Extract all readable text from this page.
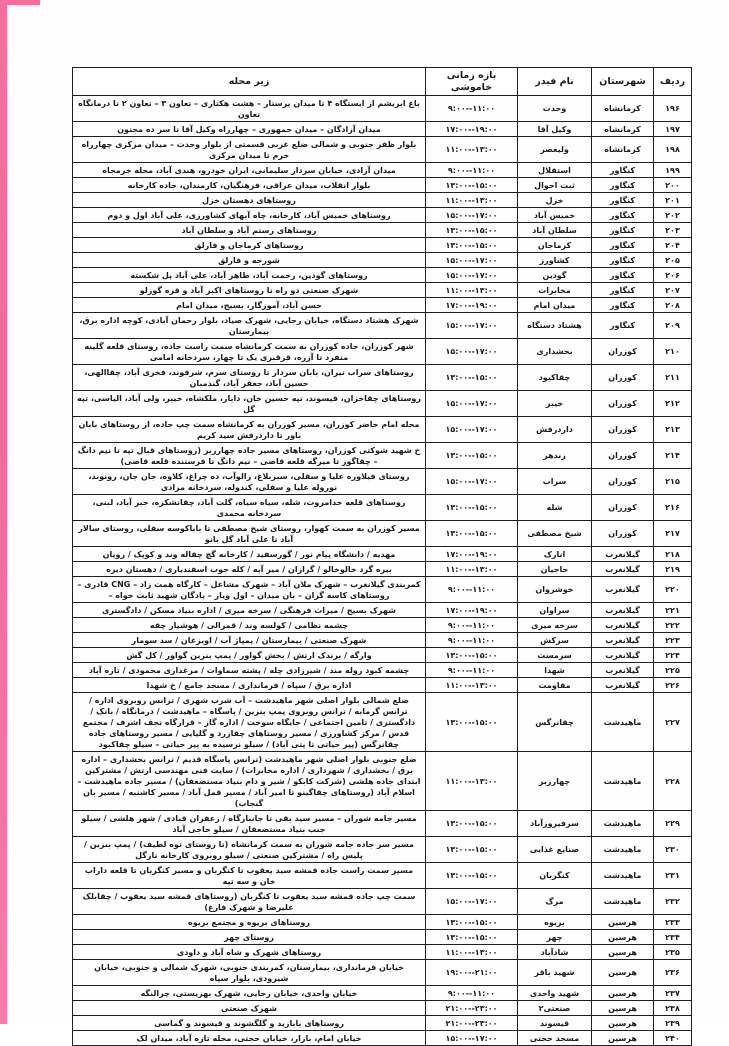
ردیف	شهرستان	نام فیدر	بازه زمانی خاموشی	زیر محله
۱۹۶	کرمانشاه	وحدت	۹:۰۰--۱۱:۰۰	باغ ابریشم از ایستگاه ۴ تا میدان پرستار – هشت هکتاری – تعاون ۳ – تعاون ۲ تا درمانگاه تعاون
۱۹۷	کرمانشاه	وکیل آقا	۱۷:۰۰--۱۹:۰۰	میدان آزادگان – میدان جمهوری – چهارراه وکیل آقا تا سر ده مجنون
۱۹۸	کرمانشاه	ولیعصر	۱۱:۰۰--۱۳:۰۰	بلوار ظفر جنوبی و شمالی ضلع غربی قسمتی از بلوار وحدت – میدان مرکزی چهارراه خرم تا میدان مرکزی
۱۹۹	کنگاور	استقلال	۹:۰۰--۱۱:۰۰	میدان آزادی، خیابان سردار سلیمانی، ایران خودرو، هندی آباد، محله خرمجاه
۲۰۰	کنگاور	ثبت احوال	۱۳:۰۰--۱۵:۰۰	بلوار انقلاب، میدان عراقی، فرهنگیان، کارمندان، جاده کارخانه
۲۰۱	کنگاور	خزل	۱۱:۰۰--۱۳:۰۰	روستاهای دهستان خزل
۲۰۲	کنگاور	خمیس آباد	۱۵:۰۰--۱۷:۰۰	روستاهای خمیس آباد، کارخانه، چاه آبهای کشاورزی، علی آباد اول و دوم
۲۰۳	کنگاور	سلطان آباد	۱۳:۰۰--۱۵:۰۰	روستاهای رستم آباد و سلطان آباد
۲۰۴	کنگاور	کرماجان	۱۳:۰۰--۱۵:۰۰	روستاهای کرماجان و فارلق
۲۰۵	کنگاور	کشاورز	۱۵:۰۰--۱۷:۰۰	شورجه و فارلق
۲۰۶	کنگاور	گودین	۱۵:۰۰--۱۷:۰۰	روستاهای گودین، رحمت آباد، طاهر آباد، علی آباد پل شکسته
۲۰۷	کنگاور	مخابرات	۱۱:۰۰--۱۳:۰۰	شهرک صنعتی دو راه تا روستاهای اکبر آباد و قره گوزلو
۲۰۸	کنگاور	میدان امام	۱۷:۰۰--۱۹:۰۰	حسن آباد، آموزگار، بسیج، میدان امام
۲۰۹	کنگاور	هشتاد دستگاه	۱۵:۰۰--۱۷:۰۰	شهرک هشتاد دستگاه، خیابان رجایی، شهرک صیاد، بلوار رحمان آبادی، کوچه اداره برق، بیمارستان
۲۱۰	کوزران	بخشداری	۱۵:۰۰--۱۷:۰۰	شهر کوزران، جاده کوزران به سمت کرمانشاه سمت راست جاده، روستای قلعه گلینه منفرد تا آزره، قزقبری یک تا چهار، سردخانه امامی
۲۱۱	کوزران	چقاکبود	۱۳:۰۰--۱۵:۰۰	روستاهای سراب تیران، بابان سردار تا روستای سرم، شرفوند، فخری آباد، چقاالهی، حسین آباد، جعفر آباد، گندمبان
۲۱۲	کوزران	خیبر	۱۵:۰۰--۱۷:۰۰	روستاهای چقاخزان، قیسوند، تپه حسین خان، دابار، ملکشاه، خیبر، ولی آباد، الیاسی، تپه گل
۲۱۳	کوزران	داردرفش	۱۵:۰۰--۱۷:۰۰	محله امام حاضر کوزران، مسیر کوزران به کرمانشاه سمت چپ جاده، از روستاهای بابان باور تا داردرفش سید کریم
۲۱۴	کوزران	زندهر	۱۳:۰۰--۱۵:۰۰	خ شهید شوکتی کوزران، روستاهای مسیر جاده چهارزبر (روستاهای قبال تپه تا نیم دانگ – چقاگوز تا میرگه قلعه قاضی – نیم دانگ تا فرستنده قلعه قاضی)
۲۱۵	کوزران	سراب	۱۵:۰۰--۱۷:۰۰	روستای فیلاوره علیا و سفلی، سبزبلاغ، زالوآب، ده چراغ، کلاوه، جان جان، رونوند، نوروله علیا و سفلی، کندوله، سردخانه مرادی
۲۱۶	کوزران	شله	۱۳:۰۰--۱۵:۰۰	روستاهای قلعه خدامروت، شله، سیاه سیاه، گلت آباد، چقانشکره، جبر آباد، لبنی، سردخانه محمدی
۲۱۷	کوزران	شیخ مصطفی	۱۳:۰۰--۱۵:۰۰	مسیر کوزران به سمت کهوار، روستای شیخ مصطفی تا باباکوسه سفلی، روستای سالار آباد تا علی آباد گل بانو
۲۱۸	گیلانغرب	انارک	۱۷:۰۰--۱۹:۰۰	مهدیه / دانشگاه پیام نور / گورسفید / کارخانه گچ چقاله وند و کوپک / رویان
۲۱۹	گیلانغرب	حاجیان	۱۱:۰۰--۱۳:۰۰	بیره گرد خالوخالو / گرازان / میر آبه / کله جوب اسفندیاری / دهستان دیره
۲۲۰	گیلانغرب	خوشروان	۹:۰۰--۱۱:۰۰	کمربندی گیلانغرب – شهرک ملان آباد – شهرک مشاغل – کارگاه همت زاد – CNG قادری – روستاهای کاسه گران – بان میدان – اول ویار – پادگان شهید ثابت خواه –
۲۲۱	گیلانغرب	سراوان	۱۷:۰۰--۱۹:۰۰	شهرک بسیج / میراث فرهنگی / سرخه میری / اداره بنیاد مسکن / دادگستری
۲۲۲	گیلانغرب	سرخه میری	۹:۰۰--۱۱:۰۰	چشمه نظامی / کولسه وند / قمرالی / هوشیار چقه
۲۲۳	گیلانغرب	سرکش	۹:۰۰--۱۱:۰۰	شهرک صنعتی / بیمارستان / پمپاژ آب / اویزغان / سد سومار
۲۲۴	گیلانغرب	سرمست	۱۳:۰۰--۱۵:۰۰	وارگه / برندک ارتش / بخش گواور / پمپ بنزین گواور / کل گش
۲۲۵	گیلانغرب	شهدا	۹:۰۰--۱۱:۰۰	چشمه کبود روله مند / شیرزادی چله / پشته سماوات / مرغداری محمودی / تازه آباد
۲۲۶	گیلانغرب	مقاومت	۱۱:۰۰--۱۳:۰۰	اداره برق / سپاه / فرمانداری / مسجد جامع / خ شهدا
۲۲۷	ماهیدشت	چقانرگس	۱۳:۰۰--۱۵:۰۰	ضلع شمالی بلوار اصلی شهر ماهیدشت – آب شرب شهری / ترانس روبروی اداره / ترانس گرمابه / ترانس روبروی پمپ بنزین / پاسگاه – ماهیدشت / درمانگاه / بانک / دادگستری / تامین اجتماعی / جایگاه سوخت / اداره گاز – قرارگاه نجف اشرف / مجتمع قدس / مرکز کشاورزی / مسیر روستاهای چقازرد و گلیایی / مسیر روستاهای جاده چقانرگس (پیر حیاتی تا پتی آباد) / سیلو نرسیده به پیر حیاتی – سیلو چقاکبود
۲۲۸	ماهیدشت	چهارزبر	۱۱:۰۰--۱۳:۰۰	ضلع جنوبی بلوار اصلی شهر ماهیدشت (ترانس پاسگاه قدیم / ترانس بخشداری – اداره برق / بخشداری / شهرداری / اداره مخابرات) / سایت فنی مهندسی ارتش / مشترکین ابتدای جاده هلشی (شرکت کابکو / شیر و دام بنیاد مستضعفان) / مسیر جاده ماهیدشت – اسلام آباد (روستاهای چقاگینو تا امیر آباد / مسیر قمل آباد / مسیر کاشنبه / مسیر بان گنجاب)
۲۲۹	ماهیدشت	سرفیروزآباد	۱۳:۰۰--۱۵:۰۰	مسیر جامه شوران – مسیر سید بقی تا جانبازگاه / زعفران قبادی / شهر هلشی / سیلو جنب بنیاد مستضعفان / سیلو حاجی آباد
۲۳۰	ماهیدشت	صنایع غذایی	۱۳:۰۰--۱۵:۰۰	مسیر سر جاده جامه شوران به سمت کرمانشاه (تا روستای توه لطیف) / پمپ بنزین / پلیس راه / مشترکین صنعتی / سیلو روبروی کارخانه نازگل
۲۳۱	ماهیدشت	کنگربان	۱۳:۰۰--۱۵:۰۰	مسیر سمت راست جاده قمشه سید یعقوب تا کنگربان و مسیر کنگربان تا قلعه داراب خان و سه تپه
۲۳۲	ماهیدشت	مرگ	۱۵:۰۰--۱۷:۰۰	سمت چپ جاده قمشه سید یعقوب تا کنگربان (روستاهای قمشه سید یعقوب / چقابلک علیرضا و شهرک فارغ)
۲۳۳	هرسین	بریوه	۱۳:۰۰--۱۵:۰۰	روستاهای بریوه و مجتمع بریوه
۲۳۴	هرسین	چهر	۱۳:۰۰--۱۵:۰۰	روستای چهر
۲۳۵	هرسین	شادآباد	۱۱:۰۰--۱۳:۰۰	روستاهای شهرک و شاه آباد و داودی
۲۳۶	هرسین	شهید باقر	۱۹:۰۰--۲۱:۰۰	خیابان فرمانداری، بیمارستان، کمربندی جنوبی، شهرک شمالی و جنوبی، خیابان شیرودی، بلوار سپاه
۲۳۷	هرسین	شهید واحدی	۹:۰۰--۱۱:۰۰	خیابان واحدی، خیابان رجایی، شهرک بهزیستی، چرالنگه
۲۳۸	هرسین	صنعتی۲	۲۱:۰۰--۲۳:۰۰	شهرک صنعتی
۲۳۹	هرسین	قیسوند	۲۱:۰۰--۲۳:۰۰	روستاهای بابازید و گلگشوند و قیسوند و گماسی
۲۴۰	هرسین	مسجد حجتی	۱۵:۰۰--۱۷:۰۰	خیابان امام، بازار، خیابان حجتی، محله تازه آباد، میدان لک
